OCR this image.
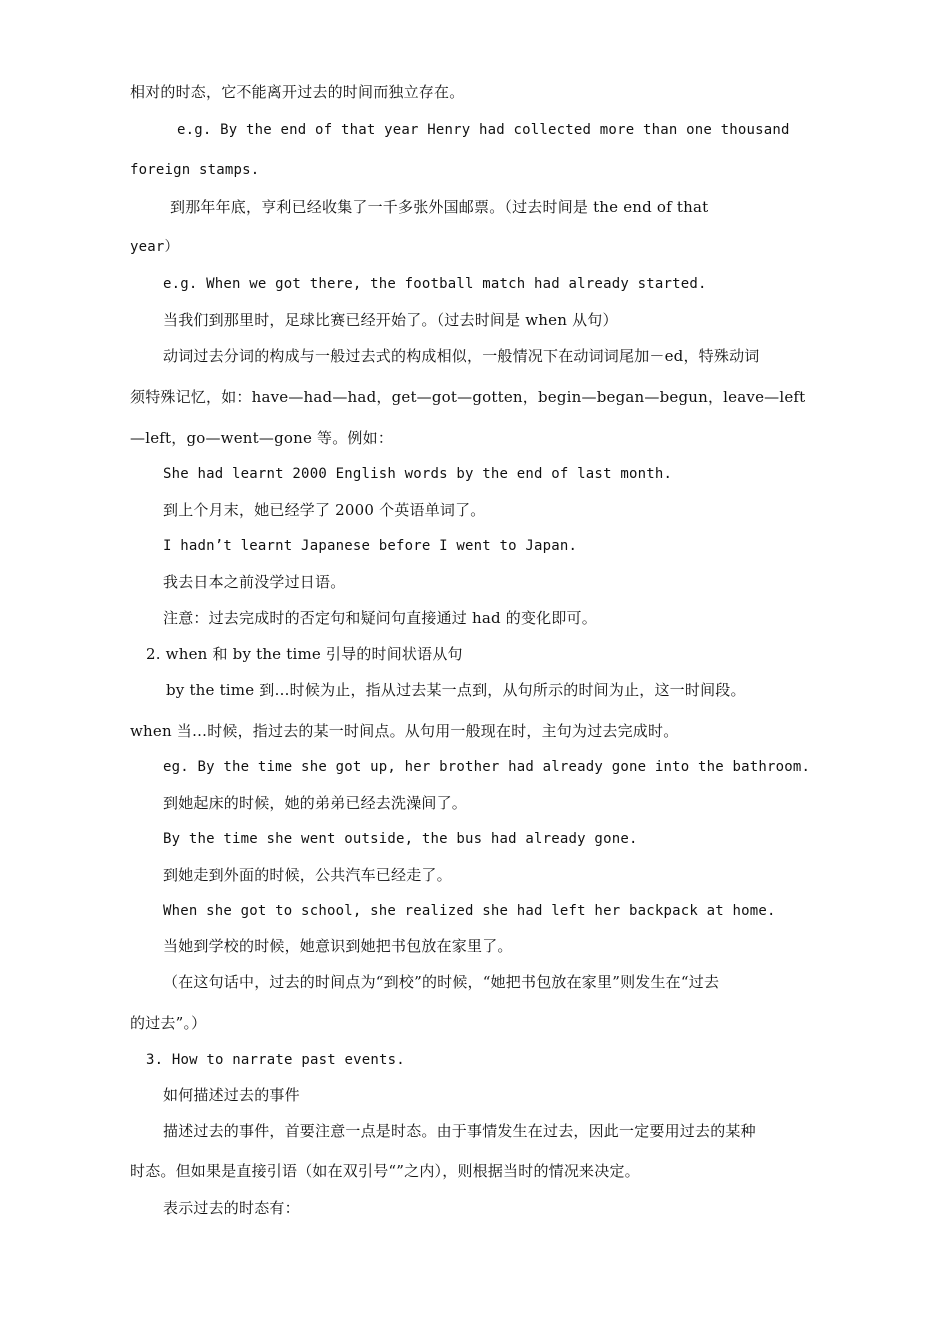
相对的时态，它不能离开过去的时间而独立存在。
e.g. By the end of that year Henry had collected more than one thousand
foreign stamps.
到那年年底，亨利已经收集了一千多张外国邮票。（过去时间是 the end of that
year）
e.g. When we got there, the football match had already started.
当我们到那里时，足球比赛已经开始了。（过去时间是 when 从句）
动词过去分词的构成与一般过去式的构成相似，一般情况下在动词词尾加－ed，特殊动词
须特殊记忆，如：have—had—had，get—got—gotten，begin—began—begun，leave—left
—left，go—went—gone 等。例如：
She had learnt 2000 English words by the end of last month.
到上个月末，她已经学了 2000 个英语单词了。
I hadn’t learnt Japanese before I went to Japan.
我去日本之前没学过日语。
注意：过去完成时的否定句和疑问句直接通过 had 的变化即可。
2. when 和 by the time 引导的时间状语从句
by the time 到…时候为止，指从过去某一点到，从句所示的时间为止，这一时间段。
when 当…时候，指过去的某一时间点。从句用一般现在时，主句为过去完成时。
eg. By the time she got up, her brother had already gone into the bathroom.
到她起床的时候，她的弟弟已经去洗澡间了。
By the time she went outside, the bus had already gone.
到她走到外面的时候，公共汽车已经走了。
When she got to school, she realized she had left her backpack at home.
当她到学校的时候，她意识到她把书包放在家里了。
（在这句话中，过去的时间点为“到校”的时候，“她把书包放在家里”则发生在“过去
的过去”。）
3. How to narrate past events.
如何描述过去的事件
描述过去的事件，首要注意一点是时态。由于事情发生在过去，因此一定要用过去的某种
时态。但如果是直接引语（如在双引号“”之内），则根据当时的情况来决定。
表示过去的时态有：
